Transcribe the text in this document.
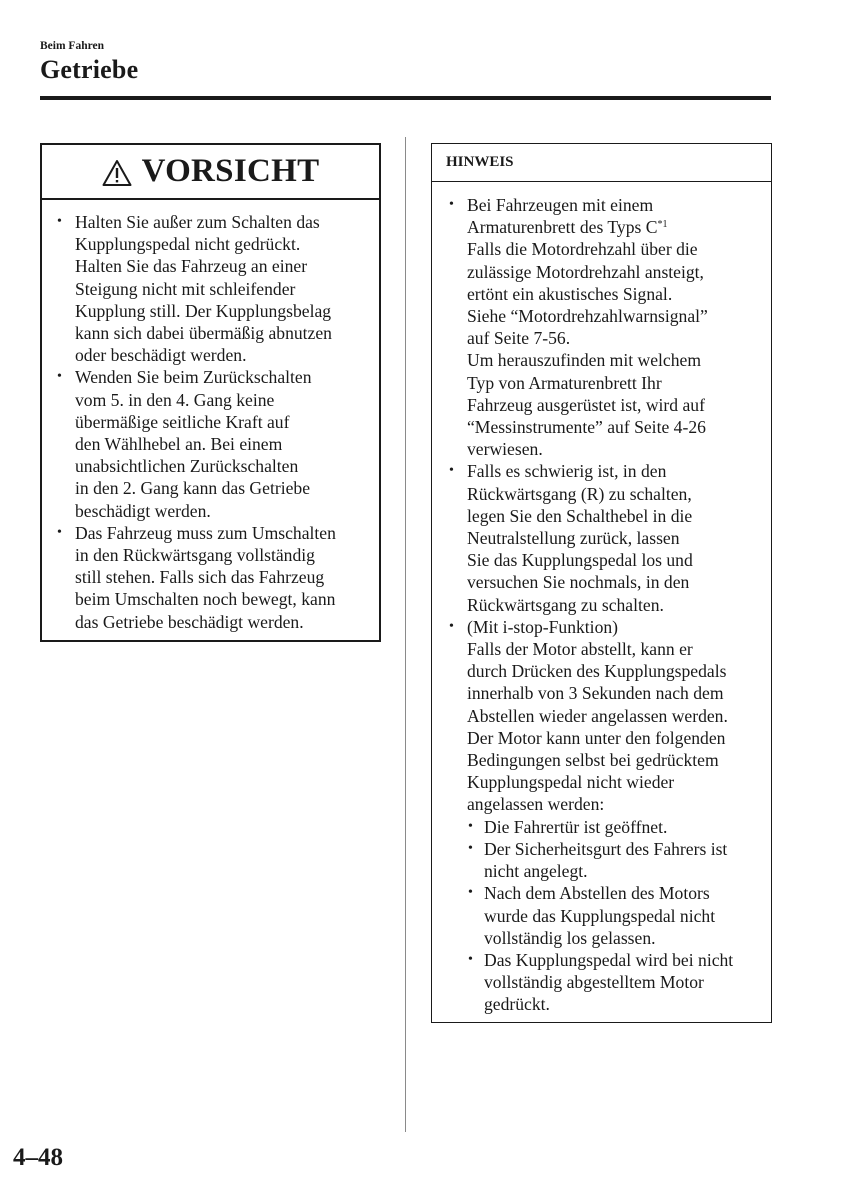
Beim Fahren
Getriebe
VORSICHT
• Halten Sie außer zum Schalten das
Kupplungspedal nicht gedrückt.
Halten Sie das Fahrzeug an einer
Steigung nicht mit schleifender
Kupplung still. Der Kupplungsbelag
kann sich dabei übermäßig abnutzen
oder beschädigt werden.
• Wenden Sie beim Zurückschalten
vom 5. in den 4. Gang keine
übermäßige seitliche Kraft auf
den Wählhebel an. Bei einem
unabsichtlichen Zurückschalten
in den 2. Gang kann das Getriebe
beschädigt werden.
• Das Fahrzeug muss zum Umschalten
in den Rückwärtsgang vollständig
still stehen. Falls sich das Fahrzeug
beim Umschalten noch bewegt, kann
das Getriebe beschädigt werden.
HINWEIS
• Bei Fahrzeugen mit einem
Armaturenbrett des Typs $C^{*1}$
Falls die Motordrehzahl über die
zulässige Motordrehzahl ansteigt,
ertönt ein akustisches Signal.
Siehe “Motordrehzahlwarnsignal”
auf Seite 7-56.
Um herauszufinden mit welchem
Typ von Armaturenbrett Ihr
Fahrzeug ausgerüstet ist, wird auf
“Messinstrumente” auf Seite 4-26
verwiesen.
• Falls es schwierig ist, in den
Rückwärtsgang (R) zu schalten,
legen Sie den Schalthebel in die
Neutralstellung zurück, lassen
Sie das Kupplungspedal los und
versuchen Sie nochmals, in den
Rückwärtsgang zu schalten.
• (Mit i-stop-Funktion)
Falls der Motor abstellt, kann er
durch Drücken des Kupplungspedals
innerhalb von 3 Sekunden nach dem
Abstellen wieder angelassen werden.
Der Motor kann unter den folgenden
Bedingungen selbst bei gedrücktem
Kupplungspedal nicht wieder
angelassen werden:
• Die Fahrertür ist geöffnet.
• Der Sicherheitsgurt des Fahrers ist
nicht angelegt.
• Nach dem Abstellen des Motors
wurde das Kupplungspedal nicht
vollständig los gelassen.
• Das Kupplungspedal wird bei nicht
vollständig abgestelltem Motor
gedrückt.
4–48
